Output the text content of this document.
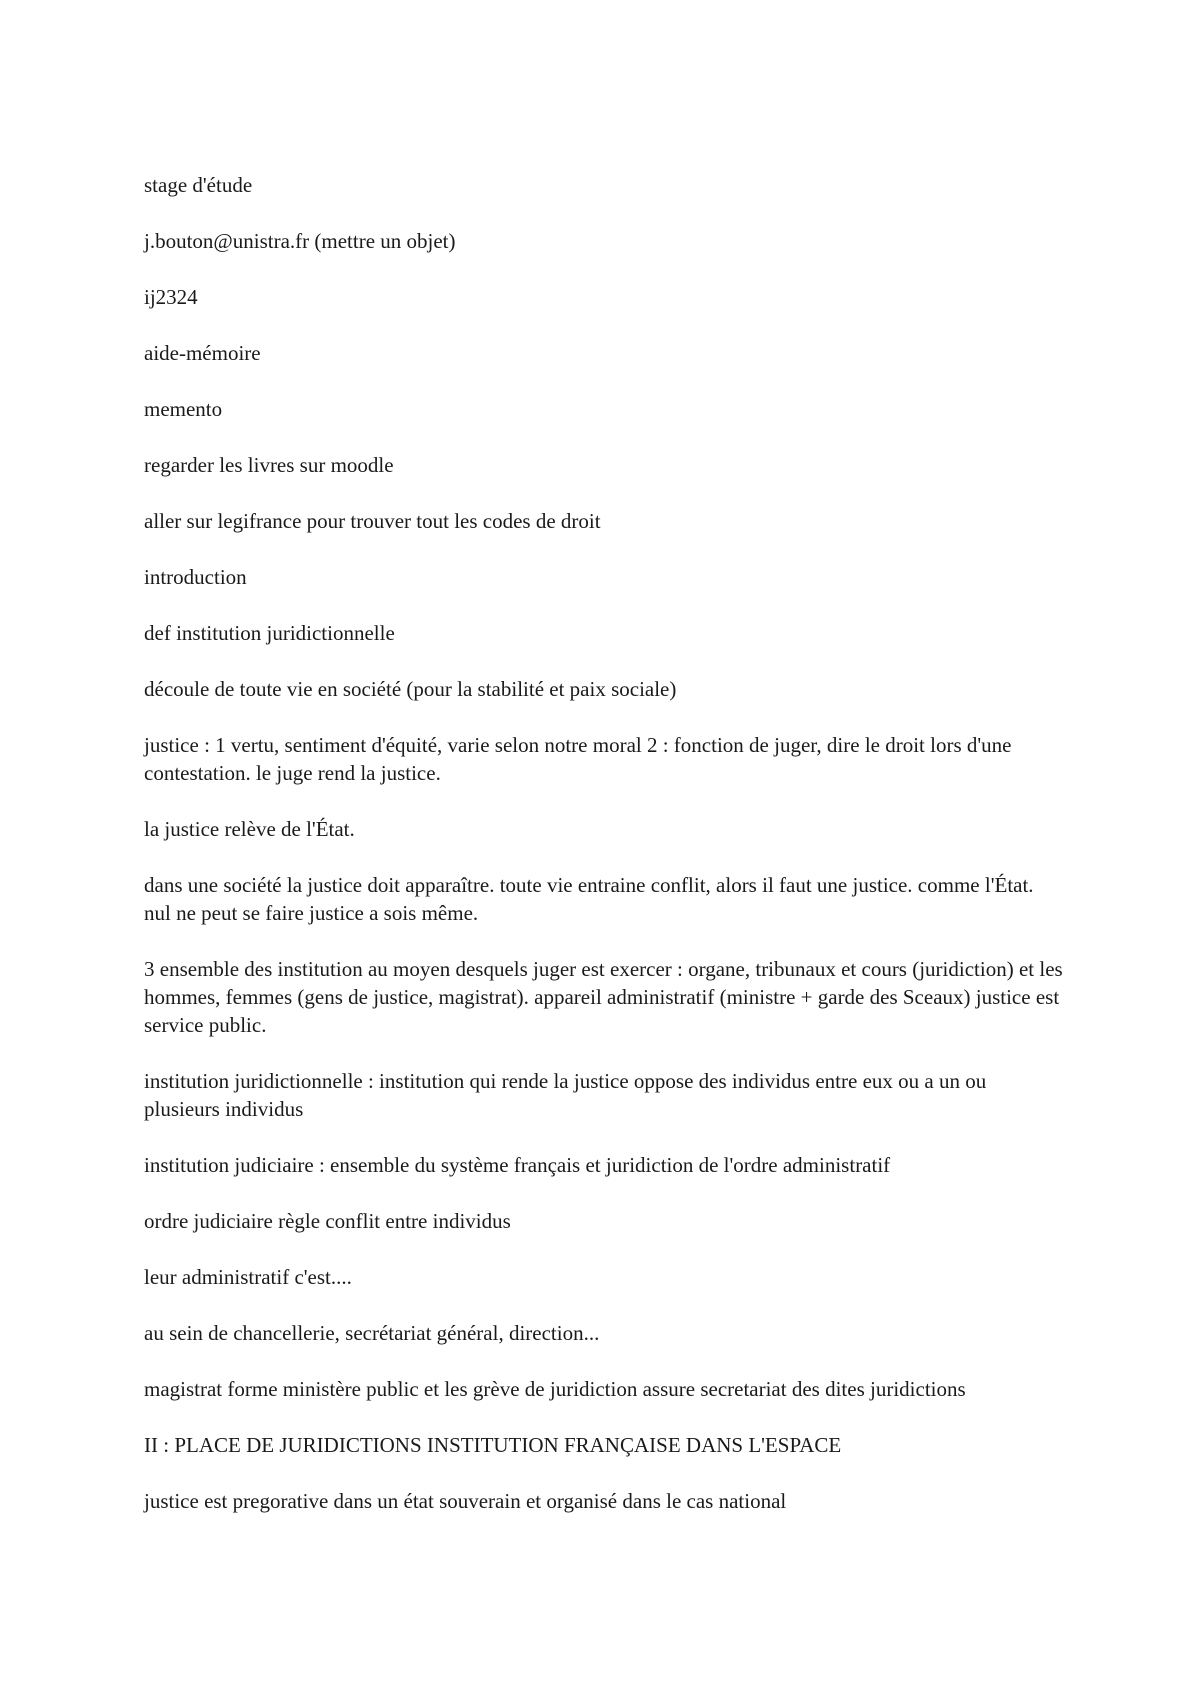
stage d'étude

j.bouton@unistra.fr (mettre un objet)

ij2324

aide-mémoire

memento

regarder les livres sur moodle

aller sur legifrance pour trouver tout les codes de droit

introduction

def institution juridictionnelle

découle de toute vie en société (pour la stabilité et paix sociale)

justice : 1 vertu, sentiment d'équité, varie selon notre moral 2 : fonction de juger, dire le droit lors d'une contestation. le juge rend la justice.

la justice relève de l'État.

dans une société la justice doit apparaître. toute vie entraine conflit, alors il faut une justice. comme l'État. nul ne peut se faire justice a sois même.

3 ensemble des institution au moyen desquels juger est exercer : organe, tribunaux et cours (juridiction) et les hommes, femmes (gens de justice, magistrat). appareil administratif (ministre + garde des Sceaux) justice est service public.

institution juridictionnelle : institution qui rende la justice oppose des individus entre eux ou a un ou plusieurs individus

institution judiciaire : ensemble du système français et juridiction de l'ordre administratif

ordre judiciaire règle conflit entre individus

leur administratif c'est....

au sein de chancellerie, secrétariat général, direction...

magistrat forme ministère public et les grève de juridiction assure secretariat des dites juridictions

II : PLACE DE JURIDICTIONS INSTITUTION FRANÇAISE DANS L'ESPACE

justice est pregorative dans un état souverain et organisé dans le cas national
